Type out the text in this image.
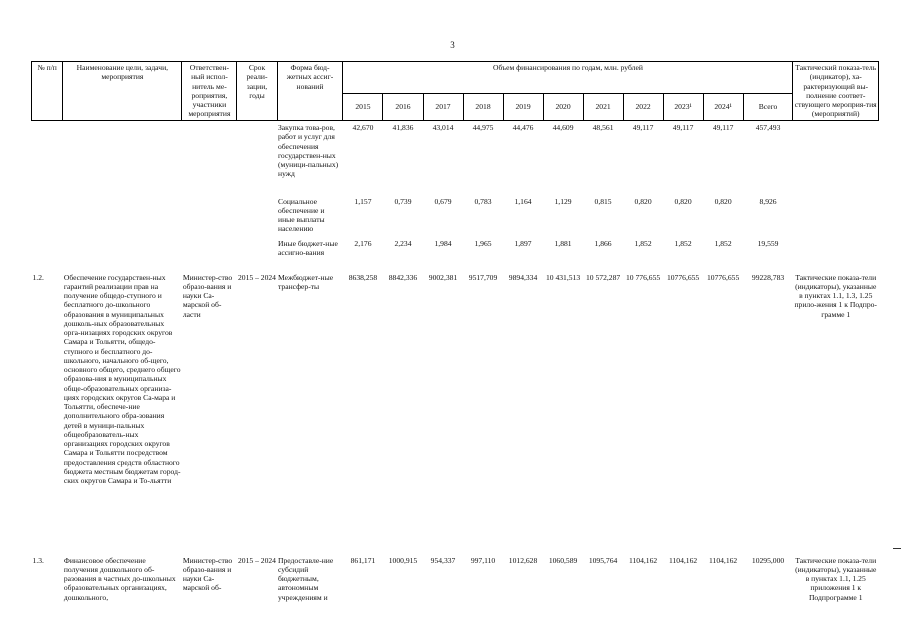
3
№ п/п	Наименование цели, задачи, мероприятия	Ответствен-ный испол-нитель ме-роприятия, участники мероприятия	Срок реали-зации, годы	Форма бюд-жетных ассиг-нований	Объем финансирования по годам, млн. рублей											Тактический показа-тель (индикатор), ха-рактеризующий вы-полнение соответ-ствующего мероприя-тия (мероприятий)
					2015	2016	2017	2018	2019	2020	2021	2022	2023¹	2024¹	Всего	
				Закупка това-ров, работ и услуг для обеспечения государствен-ных (муници-пальных) нужд	42,670	41,836	43,014	44,975	44,476	44,609	48,561	49,117	49,117	49,117	457,493	
				Социальное обеспечение и иные выплаты населению	1,157	0,739	0,679	0,783	1,164	1,129	0,815	0,820	0,820	0,820	8,926	
				Иные бюджет-ные ассигно-вания	2,176	2,234	1,984	1,965	1,897	1,881	1,866	1,852	1,852	1,852	19,559	
1.2.	Обеспечение государствен-ных гарантий реализации прав на получение общедо-ступного и бесплатного до-школьного образования в муниципальных дошколь-ных образовательных орга-низациях городских округов Самара и Тольятти, общедо-ступного и бесплатного до-школьного, начального об-щего, основного общего, среднего общего образова-ния в муниципальных обще-образовательных организа-циях городских округов Са-мара и Тольятти, обеспече-ние дополнительного обра-зования детей в муници-пальных общеобразователь-ных организациях городских округов Самара и Тольятти посредством предоставления средств областного бюджета местным бюджетам город-ских округов Самара и То-льятти	Министер-ство образо-вания и науки Са-марской об-ласти	2015 – 2024	Межбюджет-ные трансфер-ты	8638,258	8842,336	9002,381	9517,709	9894,334	10 431,513	10 572,287	10 776,655	10776,655	10776,655	99228,783	Тактические показа-тели (индикаторы), указанные в пунктах 1.1, 1.3, 1.25 прило-жения 1 к Подпро-грамме 1
1.3.	Финансовое обеспечение получения дошкольного об-разования в частных до-школьных образовательных организациях, дошкольного,	Министер-ство образо-вания и науки Са-марской об-	2015 – 2024	Предоставле-ние субсидий бюджетным, автономным учреждениям и	861,171	1000,915	954,337	997,110	1012,628	1060,589	1095,764	1104,162	1104,162	1104,162	10295,000	Тактические показа-тели (индикаторы), указанные в пунктах 1.1, 1.25 приложения 1 к Подпрограмме 1
